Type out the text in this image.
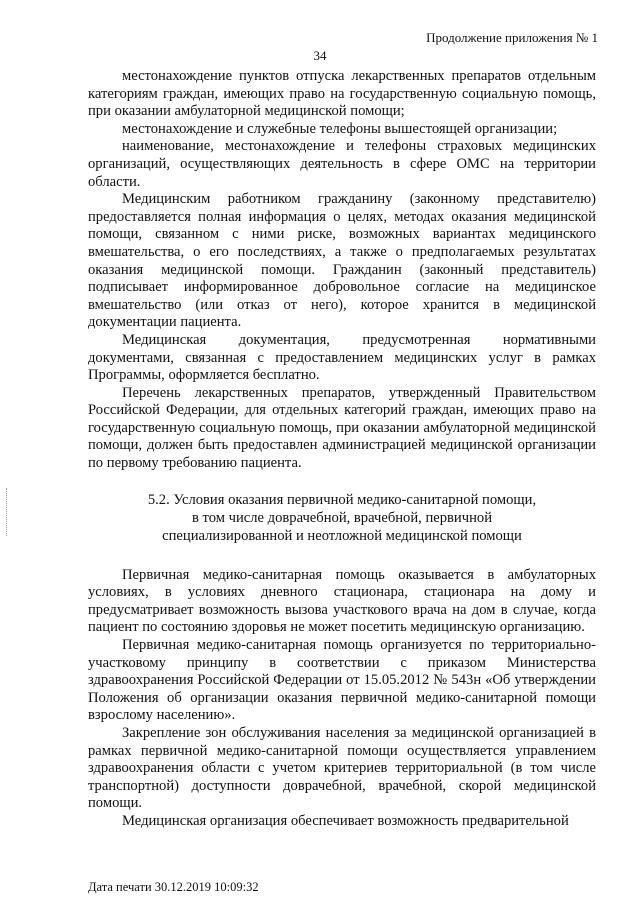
Продолжение приложения № 1
34

местонахождение пунктов отпуска лекарственных препаратов отдельным категориям граждан, имеющих право на государственную социальную помощь, при оказании амбулаторной медицинской помощи;

местонахождение и служебные телефоны вышестоящей организации;

наименование, местонахождение и телефоны страховых медицинских организаций, осуществляющих деятельность в сфере ОМС на территории области.

Медицинским работником гражданину (законному представителю) предоставляется полная информация о целях, методах оказания медицинской помощи, связанном с ними риске, возможных вариантах медицинского вмешательства, о его последствиях, а также о предполагаемых результатах оказания медицинской помощи. Гражданин (законный представитель) подписывает информированное добровольное согласие на медицинское вмешательство (или отказ от него), которое хранится в медицинской документации пациента.

Медицинская документация, предусмотренная нормативными документами, связанная с предоставлением медицинских услуг в рамках Программы, оформляется бесплатно.

Перечень лекарственных препаратов, утвержденный Правительством Российской Федерации, для отдельных категорий граждан, имеющих право на государственную социальную помощь, при оказании амбулаторной медицинской помощи, должен быть предоставлен администрацией медицинской организации по первому требованию пациента.

5.2. Условия оказания первичной медико-санитарной помощи,
в том числе доврачебной, врачебной, первичной
специализированной и неотложной медицинской помощи

Первичная медико-санитарная помощь оказывается в амбулаторных условиях, в условиях дневного стационара, стационара на дому и предусматривает возможность вызова участкового врача на дом в случае, когда пациент по состоянию здоровья не может посетить медицинскую организацию.

Первичная медико-санитарная помощь организуется по территориально-участковому принципу в соответствии с приказом Министерства здравоохранения Российской Федерации от 15.05.2012 № 543н «Об утверждении Положения об организации оказания первичной медико-санитарной помощи взрослому населению».

Закрепление зон обслуживания населения за медицинской организацией в рамках первичной медико-санитарной помощи осуществляется управлением здравоохранения области с учетом критериев территориальной (в том числе транспортной) доступности доврачебной, врачебной, скорой медицинской помощи.

Медицинская организация обеспечивает возможность предварительной

Дата печати 30.12.2019 10:09:32
